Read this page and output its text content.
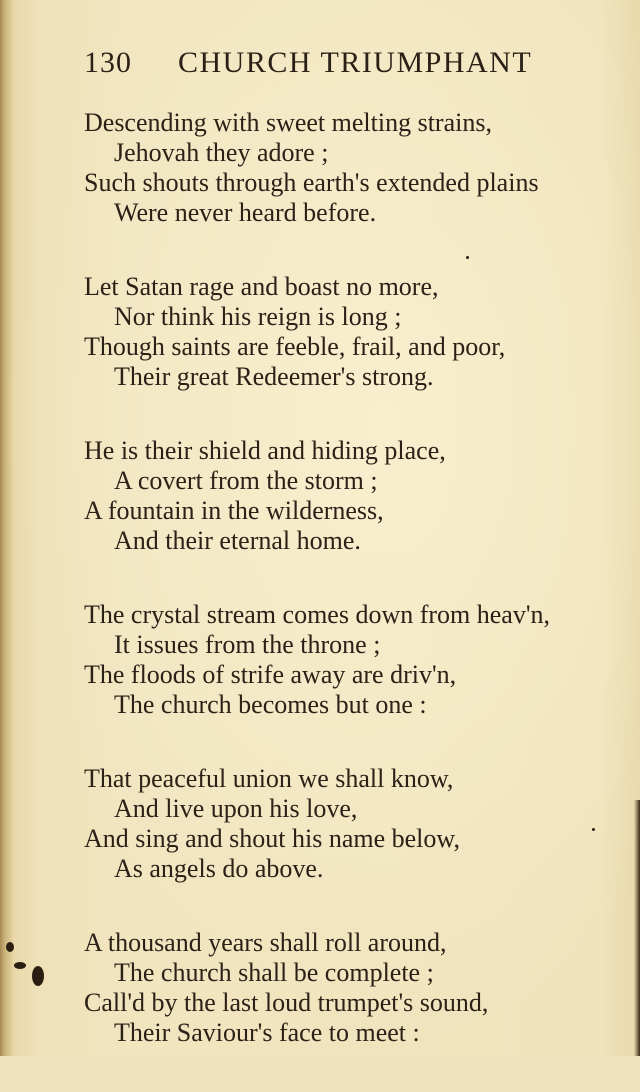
130 CHURCH TRIUMPHANT
Descending with sweet melting strains,
Jehovah they adore ;
Such shouts through earth's extended plains
Were never heard before.
Let Satan rage and boast no more,
Nor think his reign is long ;
Though saints are feeble, frail, and poor,
Their great Redeemer's strong.
He is their shield and hiding place,
A covert from the storm ;
A fountain in the wilderness,
And their eternal home.
The crystal stream comes down from heav'n,
It issues from the throne ;
The floods of strife away are driv'n,
The church becomes but one :
That peaceful union we shall know,
And live upon his love,
And sing and shout his name below,
As angels do above.
A thousand years shall roll around,
The church shall be complete ;
Call'd by the last loud trumpet's sound,
Their Saviour's face to meet :
